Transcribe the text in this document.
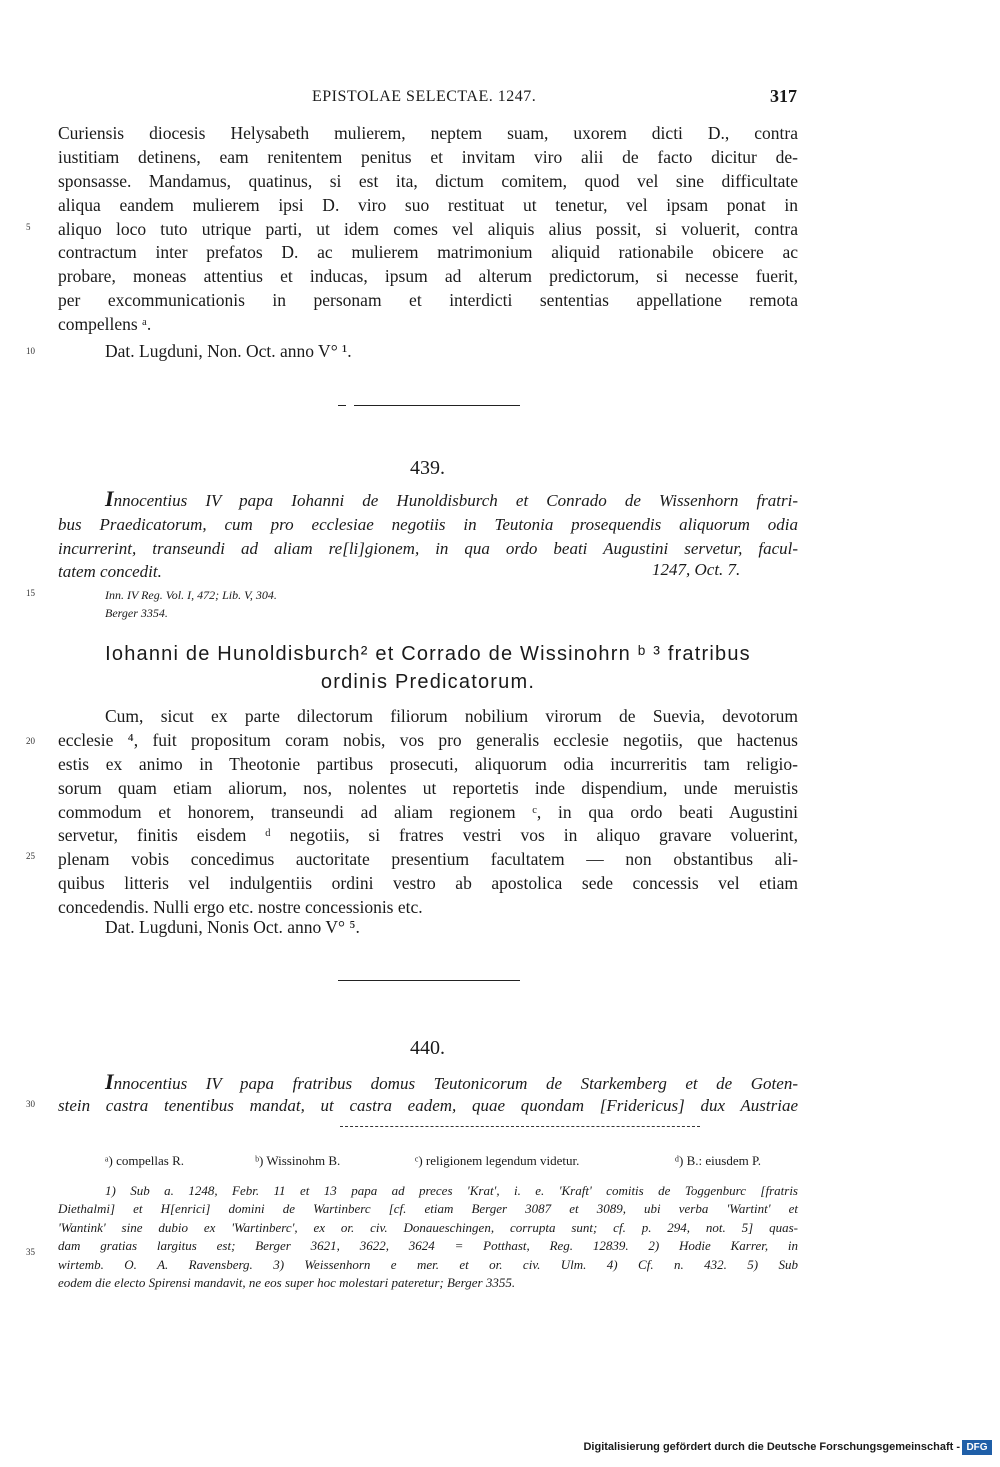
EPISTOLAE SELECTAE. 1247.	317
Curiensis diocesis Helysabeth mulierem, neptem suam, uxorem dicti D., contra
iustitiam detinens, eam renitentem penitus et invitam viro alii de facto dicitur de-
sponsasse. Mandamus, quatinus, si est ita, dictum comitem, quod vel sine difficultate
aliqua eandem mulierem ipsi D. viro suo restituat ut tenetur, vel ipsam ponat in
aliquo loco tuto utrique parti, ut idem comes vel aliquis alius possit, si voluerit, contra
contractum inter prefatos D. ac mulierem matrimonium aliquid rationabile obicere ac
probare, moneas attentius et inducas, ipsum ad alterum predictorum, si necesse fuerit,
per excommunicationis in personam et interdicti sententias appellatione remota
compellens ᵃ.
Dat. Lugduni, Non. Oct. anno V° ¹.
5
10
15
20
25
30
35
439.
Innocentius IV papa Iohanni de Hunoldisburch et Conrado de Wissenhorn fratri-
bus Praedicatorum, cum pro ecclesiae negotiis in Teutonia prosequendis aliquorum odia
incurrerint, transeundi ad aliam re[li]gionem, in qua ordo beati Augustini servetur, facul-
tatem concedit.	1247, Oct. 7.
Inn. IV Reg. Vol. I, 472; Lib. V, 304.
Berger 3354.
Iohanni de Hunoldisburch² et Corrado de Wissinohrn ᵇ ³ fratribus
ordinis Predicatorum.
Cum, sicut ex parte dilectorum filiorum nobilium virorum de Suevia, devotorum
ecclesie ⁴, fuit propositum coram nobis, vos pro generalis ecclesie negotiis, que hactenus
estis ex animo in Theotonie partibus prosecuti, aliquorum odia incurreritis tam religio-
sorum quam etiam aliorum, nos, nolentes ut reportetis inde dispendium, unde meruistis
commodum et honorem, transeundi ad aliam regionem ᶜ, in qua ordo beati Augustini
servetur, finitis eisdem ᵈ negotiis, si fratres vestri vos in aliquo gravare voluerint,
plenam vobis concedimus auctoritate presentium facultatem — non obstantibus ali-
quibus litteris vel indulgentiis ordini vestro ab apostolica sede concessis vel etiam
concedendis. Nulli ergo etc. nostre concessionis etc.
Dat. Lugduni, Nonis Oct. anno V° ⁵.
440.
Innocentius IV papa fratribus domus Teutonicorum de Starkemberg et de Goten-
stein castra tenentibus mandat, ut castra eadem, quae quondam [Fridericus] dux Austriae
ᵃ) compellas R.	ᵇ) Wissinohm B.	ᶜ) religionem legendum videtur.	ᵈ) B.: eiusdem P.
1) Sub a. 1248, Febr. 11 et 13 papa ad preces 'Krat', i. e. 'Kraft' comitis de Toggenburc [fratris
Diethalmi] et H[enrici] domini de Wartinberc [cf. etiam Berger 3087 et 3089, ubi verba 'Wartint' et
'Wantink' sine dubio ex 'Wartinberc', ex or. civ. Donaueschingen, corrupta sunt; cf. p. 294, not. 5] quas-
dam gratias largitus est; Berger 3621, 3622, 3624 = Potthast, Reg. 12839. 2) Hodie Karrer, in
wirtemb. O. A. Ravensberg. 3) Weissenhorn e mer. et or. civ. Ulm. 4) Cf. n. 432. 5) Sub
eodem die electo Spirensi mandavit, ne eos super hoc molestari pateretur; Berger 3355.
Digitalisierung gefördert durch die Deutsche Forschungsgemeinschaft - DFG
